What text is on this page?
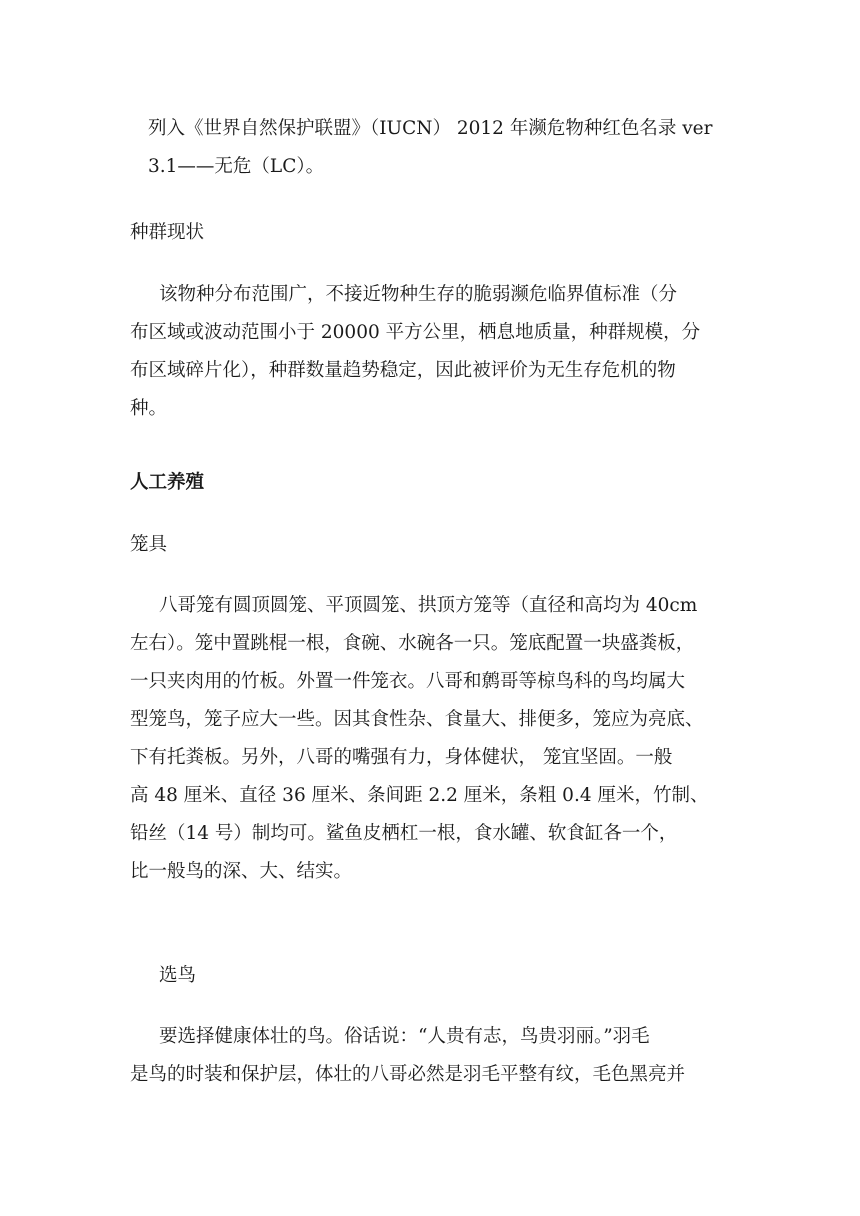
列入《世界自然保护联盟》（IUCN） 2012 年濒危物种红色名录 ver
3.1——无危（LC）。

种群现状

该物种分布范围广，不接近物种生存的脆弱濒危临界值标准（分
布区域或波动范围小于 20000 平方公里，栖息地质量，种群规模，分
布区域碎片化），种群数量趋势稳定，因此被评价为无生存危机的物
种。

人工养殖

笼具

八哥笼有圆顶圆笼、平顶圆笼、拱顶方笼等（直径和高均为 40cm
左右）。笼中置跳棍一根，食碗、水碗各一只。笼底配置一块盛粪板，
一只夹肉用的竹板。外置一件笼衣。八哥和鹩哥等椋鸟科的鸟均属大
型笼鸟，笼子应大一些。因其食性杂、食量大、排便多，笼应为亮底、
下有托粪板。另外，八哥的嘴强有力，身体健状， 笼宜坚固。一般
高 48 厘米、直径 36 厘米、条间距 2.2 厘米，条粗 0.4 厘米，竹制、
铅丝（14 号）制均可。鲨鱼皮栖杠一根，食水罐、软食缸各一个，
比一般鸟的深、大、结实。

选鸟

要选择健康体壮的鸟。俗话说：“人贵有志，鸟贵羽丽。”羽毛
是鸟的时装和保护层，体壮的八哥必然是羽毛平整有纹，毛色黑亮并
